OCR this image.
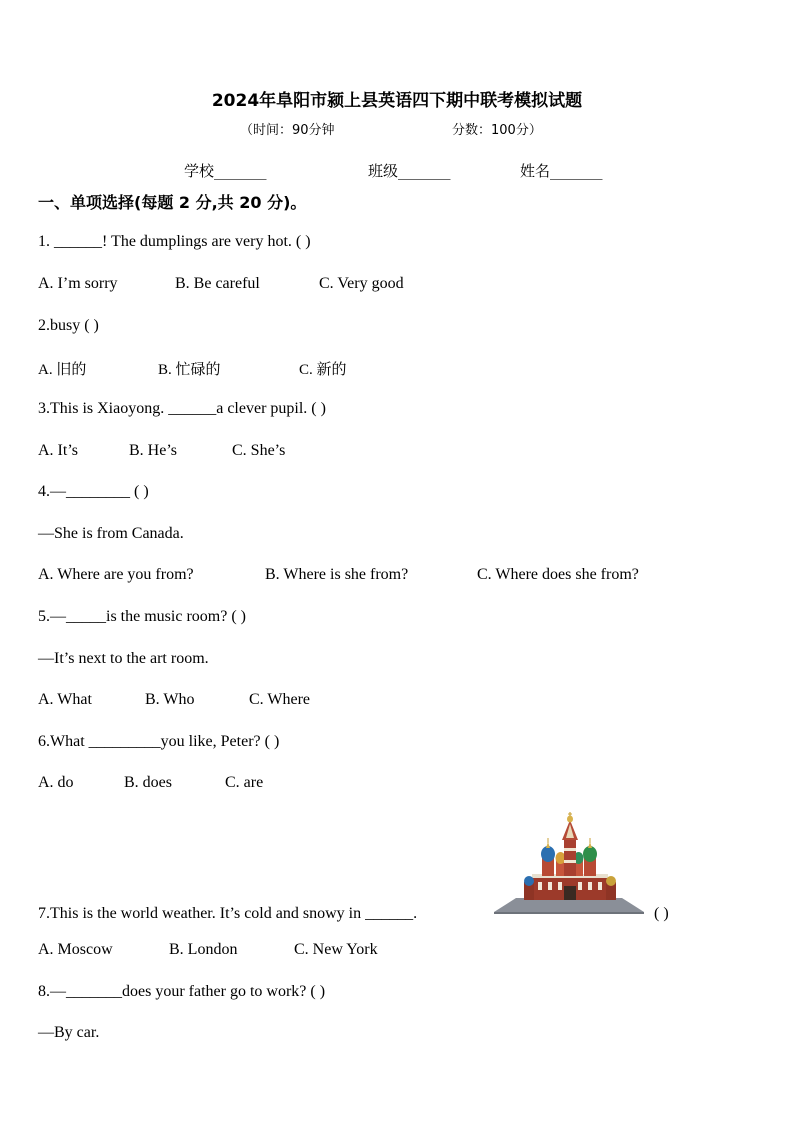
2024年阜阳市颍上县英语四下期中联考模拟试题
（时间：90分钟	分数：100分）
学校_______	班级_______	姓名_______
一、单项选择(每题 2 分,共 20 分)。
1. ______! The dumplings are very hot. ( )
A. I’m sorry	B. Be careful	C. Very good
2.busy ( )
A. 旧的	B. 忙碌的	C. 新的
3.This is Xiaoyong. ______a clever pupil. ( )
A. It’s	B. He’s	C. She’s
4.—________ ( )
—She is from Canada.
A. Where are you from?	B. Where is she from?	C. Where does she from?
5.—_____is the music room? ( )
—It’s next to the art room.
A. What	B. Who	C. Where
6.What _________you like, Peter? ( )
A. do	B. does	C. are
7.This is the world weather. It’s cold and snowy in ______.	( )
A. Moscow	B. London	C. New York
8.—_______does your father go to work? ( )
—By car.
